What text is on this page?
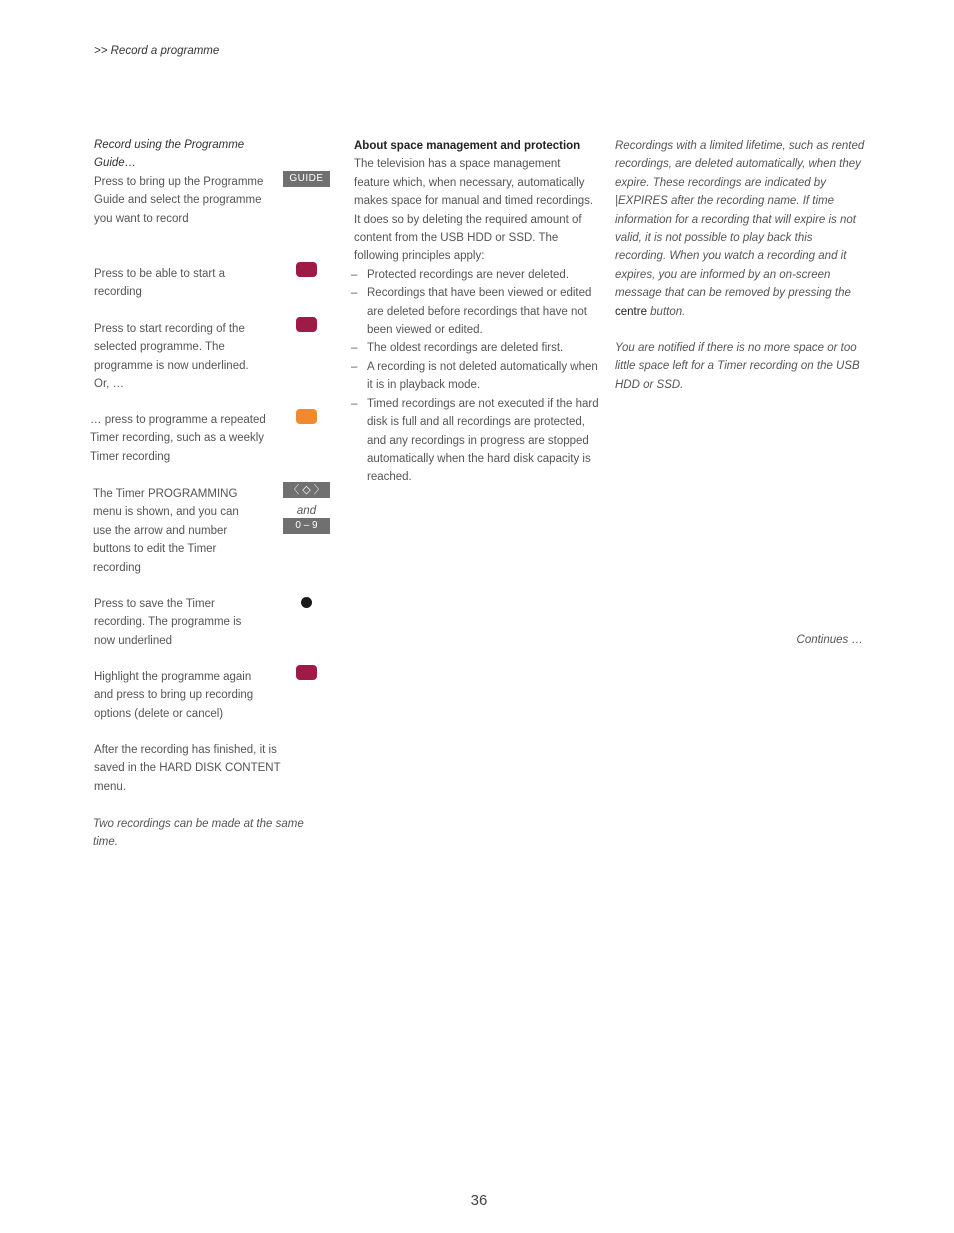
>> Record a programme
Record using the Programme Guide…
Press to bring up the Programme Guide and select the programme you want to record
Press to be able to start a recording
Press to start recording of the selected programme. The programme is now underlined. Or, …
… press to programme a repeated Timer recording, such as a weekly Timer recording
The Timer PROGRAMMING menu is shown, and you can use the arrow and number buttons to edit the Timer recording
Press to save the Timer recording. The programme is now underlined
Highlight the programme again and press to bring up recording options (delete or cancel)
After the recording has finished, it is saved in the HARD DISK CONTENT menu.
Two recordings can be made at the same time.
GUIDE
〈 ◇ 〉
and
0 – 9
About space management and protection
The television has a space management feature which, when necessary, automatically makes space for manual and timed recordings. It does so by deleting the required amount of content from the USB HDD or SSD. The following principles apply:
– Protected recordings are never deleted.
– Recordings that have been viewed or edited are deleted before recordings that have not been viewed or edited.
– The oldest recordings are deleted first.
– A recording is not deleted automatically when it is in playback mode.
– Timed recordings are not executed if the hard disk is full and all recordings are protected, and any recordings in progress are stopped automatically when the hard disk capacity is reached.
Recordings with a limited lifetime, such as rented recordings, are deleted automatically, when they expire. These recordings are indicated by |EXPIRES after the recording name. If time information for a recording that will expire is not valid, it is not possible to play back this recording. When you watch a recording and it expires, you are informed by an on-screen message that can be removed by pressing the centre button.
You are notified if there is no more space or too little space left for a Timer recording on the USB HDD or SSD.
Continues …
36
